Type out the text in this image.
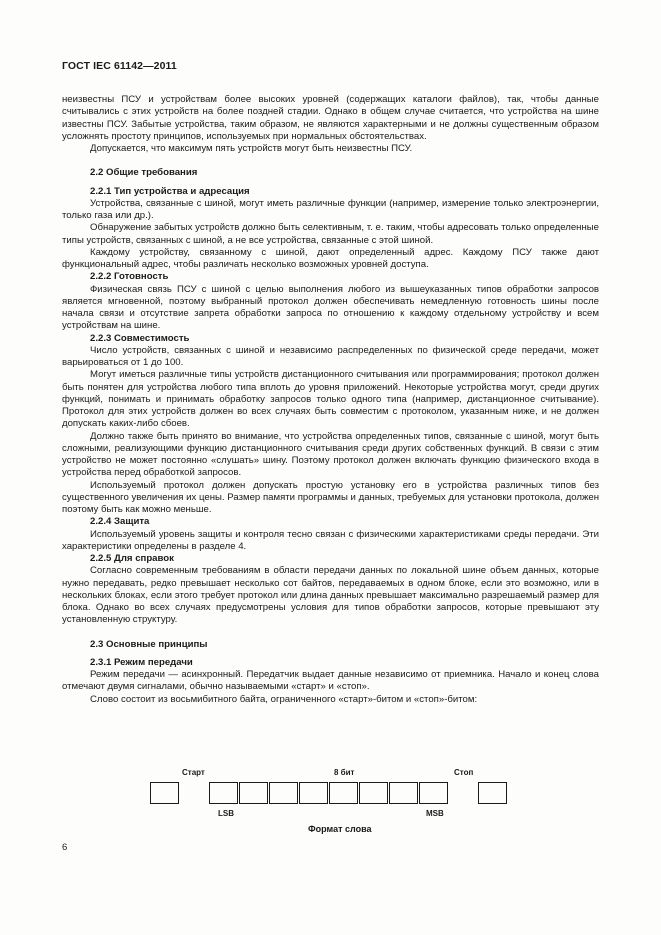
ГОСТ IEC 61142—2011

неизвестны ПСУ и устройствам более высоких уровней (содержащих каталоги файлов), так, чтобы данные считывались с этих устройств на более поздней стадии. Однако в общем случае считается, что устройства на шине известны ПСУ. Забытые устройства, таким образом, не являются характерными и не должны существенным образом усложнять простоту принципов, используемых при нормальных обстоятельствах.

Допускается, что максимум пять устройств могут быть неизвестны ПСУ.

2.2 Общие требования

2.2.1 Тип устройства и адресация

Устройства, связанные с шиной, могут иметь различные функции (например, измерение только электроэнергии, только газа или др.).

Обнаружение забытых устройств должно быть селективным, т. е. таким, чтобы адресовать только определенные типы устройств, связанных с шиной, а не все устройства, связанные с этой шиной.

Каждому устройству, связанному с шиной, дают определенный адрес. Каждому ПСУ также дают функциональный адрес, чтобы различать несколько возможных уровней доступа.

2.2.2 Готовность

Физическая связь ПСУ с шиной с целью выполнения любого из вышеуказанных типов обработки запросов является мгновенной, поэтому выбранный протокол должен обеспечивать немедленную готовность шины после начала связи и отсутствие запрета обработки запроса по отношению к каждому отдельному устройству и всем устройствам на шине.

2.2.3 Совместимость

Число устройств, связанных с шиной и независимо распределенных по физической среде передачи, может варьироваться от 1 до 100.

Могут иметься различные типы устройств дистанционного считывания или программирования; протокол должен быть понятен для устройства любого типа вплоть до уровня приложений. Некоторые устройства могут, среди других функций, понимать и принимать обработку запросов только одного типа (например, дистанционное считывание). Протокол для этих устройств должен во всех случаях быть совместим с протоколом, указанным ниже, и не должен допускать каких-либо сбоев.

Должно также быть принято во внимание, что устройства определенных типов, связанные с шиной, могут быть сложными, реализующими функцию дистанционного считывания среди других собственных функций. В связи с этим устройство не может постоянно «слушать» шину. Поэтому протокол должен включать функцию физического входа в устройства перед обработкой запросов.

Используемый протокол должен допускать простую установку его в устройства различных типов без существенного увеличения их цены. Размер памяти программы и данных, требуемых для установки протокола, должен поэтому быть как можно меньше.

2.2.4 Защита

Используемый уровень защиты и контроля тесно связан с физическими характеристиками среды передачи. Эти характеристики определены в разделе 4.

2.2.5 Для справок

Согласно современным требованиям в области передачи данных по локальной шине объем данных, которые нужно передавать, редко превышает несколько сот байтов, передаваемых в одном блоке, если это возможно, или в нескольких блоках, если этого требует протокол или длина данных превышает максимально разрешаемый размер для блока. Однако во всех случаях предусмотрены условия для типов обработки запросов, которые превышают эту установленную структуру.

2.3 Основные принципы

2.3.1 Режим передачи

Режим передачи — асинхронный. Передатчик выдает данные независимо от приемника. Начало и конец слова отмечают двумя сигналами, обычно называемыми «старт» и «стоп».

Слово состоит из восьмибитного байта, ограниченного «старт»-битом и «стоп»-битом:

Старт	8 бит	Стоп
LSB	MSB
Формат слова
6
